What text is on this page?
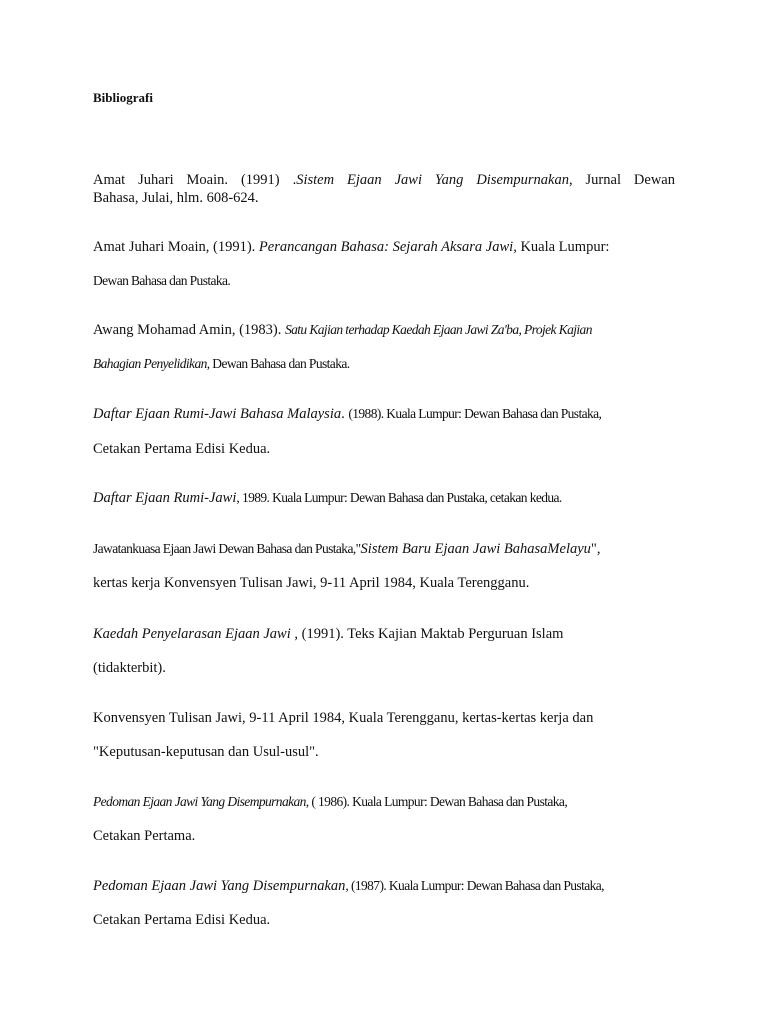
Bibliografi
Amat Juhari Moain. (1991) .Sistem Ejaan Jawi Yang Disempurnakan, Jurnal Dewan
Bahasa, Julai, hlm. 608-624.
Amat Juhari Moain, (1991). Perancangan Bahasa: Sejarah Aksara Jawi, Kuala Lumpur:
Dewan Bahasa dan Pustaka.
Awang Mohamad Amin, (1983). Satu Kajian terhadap Kaedah Ejaan Jawi Za'ba, Projek Kajian
Bahagian Penyelidikan, Dewan Bahasa dan Pustaka.
Daftar Ejaan Rumi-Jawi Bahasa Malaysia. (1988). Kuala Lumpur: Dewan Bahasa dan Pustaka,
Cetakan Pertama Edisi Kedua.
Daftar Ejaan Rumi-Jawi, 1989. Kuala Lumpur: Dewan Bahasa dan Pustaka, cetakan kedua.
Jawatankuasa Ejaan Jawi Dewan Bahasa dan Pustaka,"Sistem Baru Ejaan Jawi BahasaMelayu",
kertas kerja Konvensyen Tulisan Jawi, 9-11 April 1984, Kuala Terengganu.
Kaedah Penyelarasan Ejaan Jawi , (1991). Teks Kajian Maktab Perguruan Islam
(tidakterbit).
Konvensyen Tulisan Jawi, 9-11 April 1984, Kuala Terengganu, kertas-kertas kerja dan
"Keputusan-keputusan dan Usul-usul".
Pedoman Ejaan Jawi Yang Disempurnakan, ( 1986). Kuala Lumpur: Dewan Bahasa dan Pustaka,
Cetakan Pertama.
Pedoman Ejaan Jawi Yang Disempurnakan, (1987). Kuala Lumpur: Dewan Bahasa dan Pustaka,
Cetakan Pertama Edisi Kedua.
